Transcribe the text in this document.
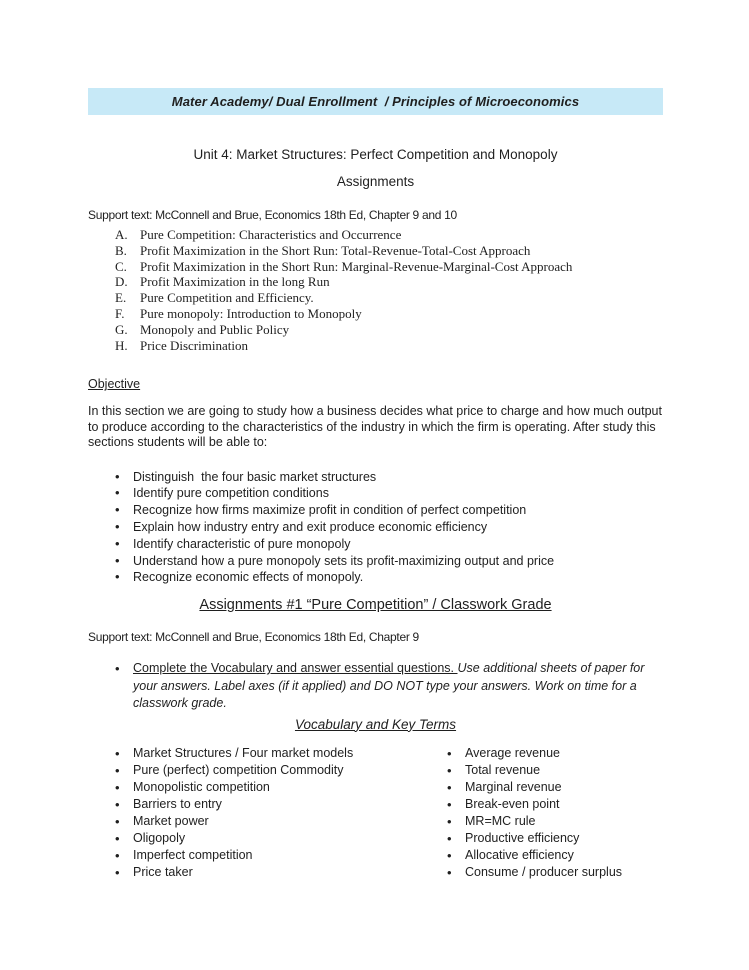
Mater Academy/ Dual Enrollment  / Principles of Microeconomics
Unit 4: Market Structures: Perfect Competition and Monopoly
Assignments
Support text: McConnell and Brue, Economics 18th Ed, Chapter 9 and 10
A. Pure Competition: Characteristics and Occurrence
B.	Profit Maximization in the Short Run: Total-Revenue-Total-Cost Approach
C.	Profit Maximization in the Short Run: Marginal-Revenue-Marginal-Cost Approach
D. Profit Maximization in the long Run
E.	Pure Competition and Efficiency.
F.	Pure monopoly: Introduction to Monopoly
G. Monopoly and Public Policy
H. Price Discrimination
Objective

In this section we are going to study how a business decides what price to charge and how much output to produce according to the characteristics of the industry in which the firm is operating. After study this sections students will be able to:

• Distinguish  the four basic market structures
• Identify pure competition conditions
• Recognize how firms maximize profit in condition of perfect competition
• Explain how industry entry and exit produce economic efficiency
• Identify characteristic of pure monopoly
• Understand how a pure monopoly sets its profit-maximizing output and price
• Recognize economic effects of monopoly.
Assignments #1 “Pure Competition” / Classwork Grade
Support text: McConnell and Brue, Economics 18th Ed, Chapter 9
• Complete the Vocabulary and answer essential questions. Use additional sheets of paper for your answers. Label axes (if it applied) and DO NOT type your answers. Work on time for a classwork grade.
Vocabulary and Key Terms
• Market Structures / Four market models
• Pure (perfect) competition Commodity
• Monopolistic competition
• Barriers to entry
• Market power
• Oligopoly
• Imperfect competition
• Price taker
• Average revenue
• Total revenue
• Marginal revenue
• Break-even point
• MR=MC rule
• Productive efficiency
• Allocative efficiency
• Consume / producer surplus
